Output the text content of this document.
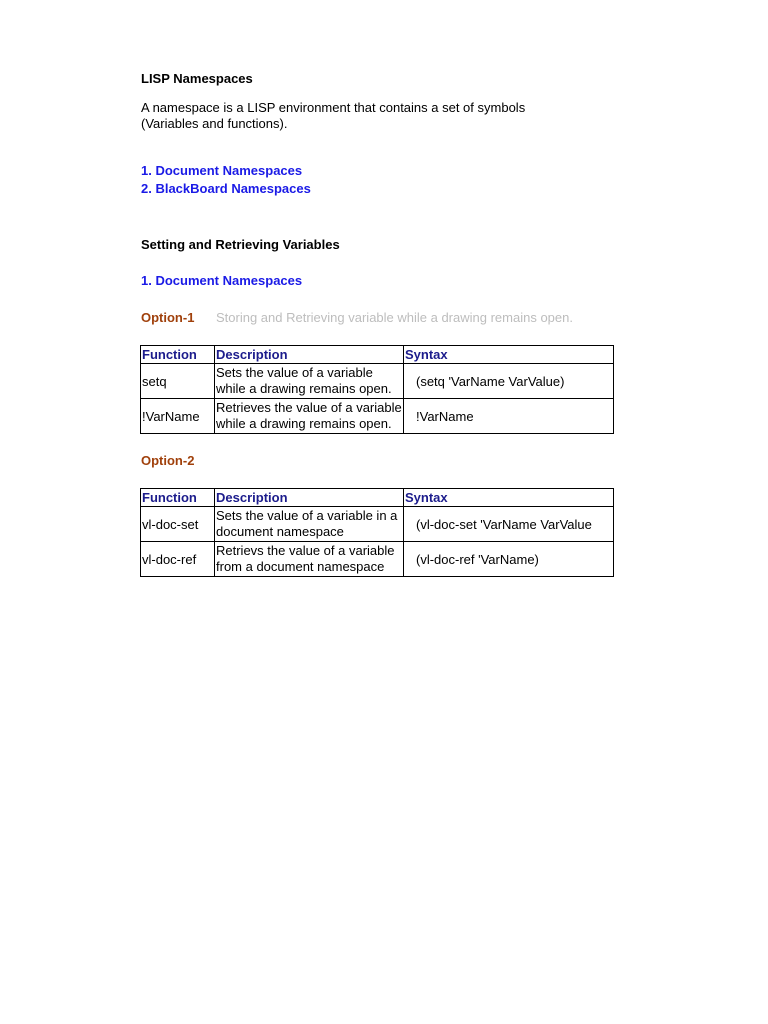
LISP Namespaces
A namespace is a LISP environment that contains a set of symbols
(Variables and functions).
1. Document Namespaces
2. BlackBoard Namespaces
Setting and Retrieving Variables
1. Document Namespaces
Option-1 Storing and Retrieving variable while a drawing remains open.
Function	Description	Syntax
setq	Sets the value of a variable while a drawing remains open.	(setq 'VarName VarValue)
!VarName	Retrieves the value of a variable while a drawing remains open.	!VarName
Option-2
Function	Description	Syntax
vl-doc-set	Sets the value of a variable in a document namespace	(vl-doc-set 'VarName VarValue
vl-doc-ref	Retrievs the value of a variable from a document namespace	(vl-doc-ref 'VarName)
